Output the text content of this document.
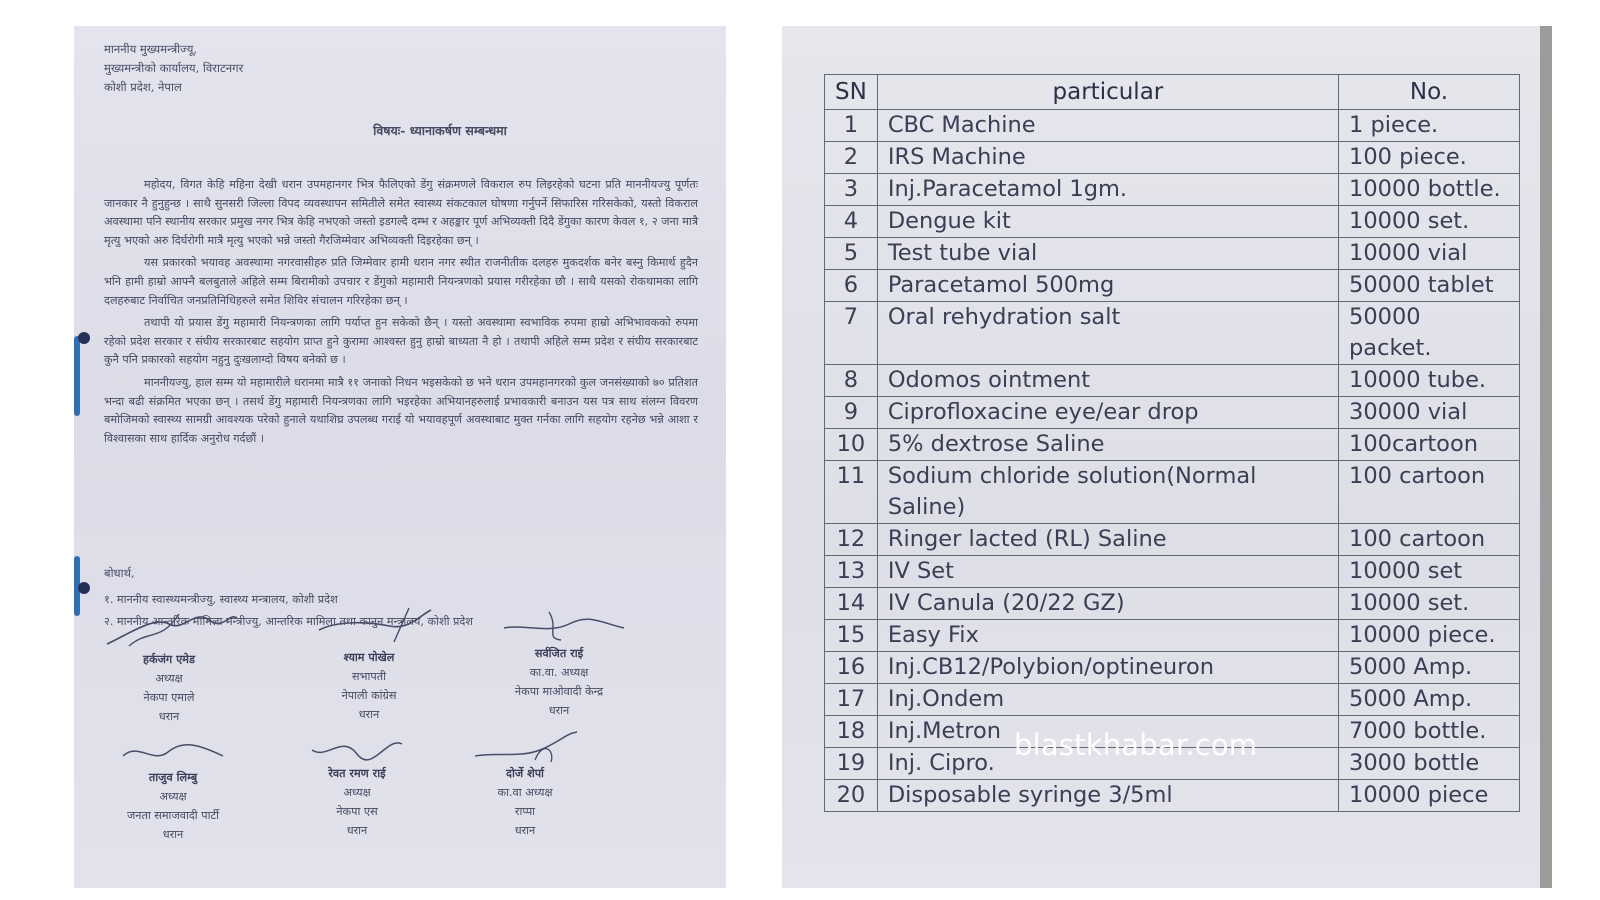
माननीय मुख्यमन्त्रीज्यू,
मुख्यमन्त्रीको कार्यालय, विराटनगर
कोशी प्रदेश, नेपाल
विषयः- ध्यानाकर्षण सम्बन्धमा

महोदय, विगत केहि महिना देखी धरान उपमहानगर भित्र फैलिएको डेंगु संक्रमणले विकराल रुप लिइरहेको घटना प्रति माननीयज्यु पूर्णतः जानकार नै हुनुहुन्छ । साथै सुनसरी जिल्ला विपद व्यवस्थापन समितीले समेत स्वास्थ्य संकटकाल घोषणा गर्नुपर्ने सिफारिस गरिसकेको, यस्तो विकराल अवस्थामा पनि स्थानीय सरकार प्रमुख नगर भित्र केहि नभएको जस्तो इडगल्दै दम्भ र अहङ्कार पूर्ण अभिव्यक्ती दिदै डेंगुका कारण केवल १, २ जना मात्रै मृत्यु भएको अरु दिर्घरोगी मात्रै मृत्यु भएको भन्ने जस्तो गैरजिम्मेवार अभिव्यक्ती दिइरहेका छन् ।

यस प्रकारको भयावह अवस्थामा नगरवासीहरु प्रति जिम्मेवार हामी धरान नगर स्थीत राजनीतीक दलहरु मुकदर्शक बनेर बस्नु किमार्थ हुदैन भनि हामी हाम्रो आफ्नै बलबुताले अहिले सम्म बिरामीको उपचार र डेंगुको महामारी नियन्त्रणको प्रयास गरीरहेका छौ । साथै यसको रोकथामका लागि दलहरुबाट निर्वाचित जनप्रतिनिधिहरुले समेत शिविर संचालन गरिरहेका छन् ।

तथापी यो प्रयास डेंगु महामारी नियन्त्रणका लागि पर्याप्त हुन सकेको छैन् । यस्तो अवस्थामा स्वभाविक रुपमा हाम्रो अभिभावकको रुपमा रहेको प्रदेश सरकार र संघीय सरकारबाट सहयोग प्राप्त हुने कुरामा आश्वस्त हुनु हाम्रो बाध्यता नै हो । तथापी अहिले सम्म प्रदेश र संघीय सरकारबाट कुनै पनि प्रकारको सहयोग नहुनु दुःखलाग्दो विषय बनेको छ ।

माननीयज्यु, हाल सम्म यो महामारीले धरानमा मात्रै ११ जनाको निधन भइसकेको छ भने धरान उपमहानगरको कुल जनसंख्याको ७० प्रतिशत भन्दा बढी संक्रमित भएका छन् । तसर्थ डेंगु महामारी नियन्त्रणका लागि भइरहेका अभियानहरुलाई प्रभावकारी बनाउन यस पत्र साथ संलग्न विवरण बमोजिमको स्वास्थ्य सामग्री आवश्यक परेको हुनाले यथाशिघ्र उपलब्ध गराई यो भयावहपूर्ण अवस्थाबाट मुक्त गर्नका लागि सहयोग रहनेछ भन्ने आशा र विश्वासका साथ हार्दिक अनुरोध गर्दछौं ।

बोधार्थ,
१. माननीय स्वास्थ्यमन्त्रीज्यु, स्वास्थ्य मन्त्रालय, कोशी प्रदेश
२. माननीय आन्तरिक मामिला मन्त्रीज्यु, आन्तरिक मामिला तथा कानुन मन्त्रालय, कोशी प्रदेश
हर्कजंग एमेड
अध्यक्ष
नेकपा एमाले
धरान
श्याम पोखेल
सभापती
नेपाली कांग्रेस
धरान
सर्वजित राई
का.वा. अध्यक्ष
नेकपा माओवादी केन्द्र
धरान
ताजुव लिम्बु
अध्यक्ष
जनता समाजवादी पार्टी
धरान
रेवत रमण राई
अध्यक्ष
नेकपा एस
धरान
दोर्जे शेर्पा
का.वा अध्यक्ष
राप्पा
धरान
SN	particular	No.
1	CBC Machine	1 piece.
2	IRS Machine	100 piece.
3	Inj.Paracetamol 1gm.	10000 bottle.
4	Dengue kit	10000 set.
5	Test tube vial	10000 vial
6	Paracetamol 500mg	50000 tablet
7	Oral rehydration salt	50000 packet.
8	Odomos ointment	10000 tube.
9	Ciprofloxacine eye/ear drop	30000 vial
10	5% dextrose Saline	100cartoon
11	Sodium chloride solution(Normal Saline)	100 cartoon
12	Ringer lacted (RL) Saline	100 cartoon
13	IV Set	10000 set
14	IV Canula (20/22 GZ)	10000 set.
15	Easy Fix	10000 piece.
16	Inj.CB12/Polybion/optineuron	5000 Amp.
17	Inj.Ondem	5000 Amp.
18	Inj.Metron	7000 bottle.
19	Inj. Cipro.	3000 bottle
20	Disposable syringe 3/5ml	10000 piece
blastkhabar.com
